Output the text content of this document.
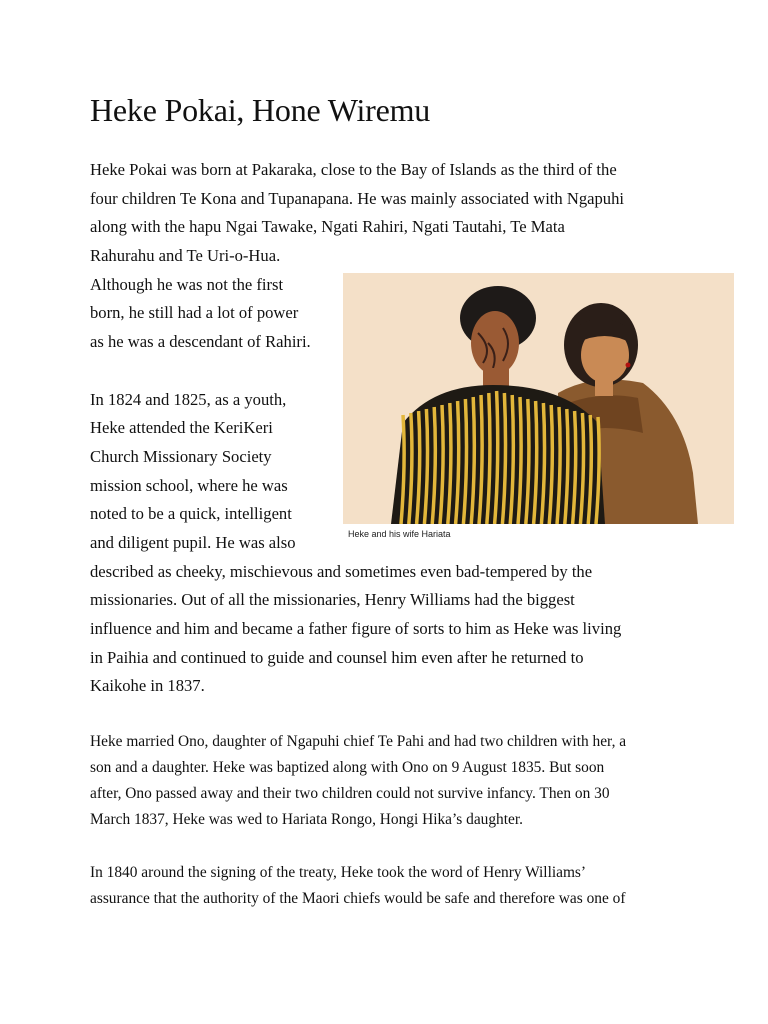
Heke Pokai, Hone Wiremu
Heke Pokai was born at Pakaraka, close to the Bay of Islands as the third of the
four children Te Kona and Tupanapana. He was mainly associated with Ngapuhi
along with the hapu Ngai Tawake, Ngati Rahiri, Ngati Tautahi, Te Mata
Rahurahu and Te Uri-o-Hua.
Although he was not the first
born, he still had a lot of power
as he was a descendant of Rahiri.
In 1824 and 1825, as a youth,
Heke attended the KeriKeri
Church Missionary Society
mission school, where he was
noted to be a quick, intelligent
and diligent pupil. He was also
described as cheeky, mischievous and sometimes even bad-tempered by the
missionaries. Out of all the missionaries, Henry Williams had the biggest
influence and him and became a father figure of sorts to him as Heke was living
in Paihia and continued to guide and counsel him even after he returned to
Kaikohe in 1837.
Heke married Ono, daughter of Ngapuhi chief Te Pahi and had two children with her, a
son and a daughter. Heke was baptized along with Ono on 9 August 1835. But soon
after, Ono passed away and their two children could not survive infancy. Then on 30
March 1837, Heke was wed to Hariata Rongo, Hongi Hika’s daughter.
In 1840 around the signing of the treaty, Heke took the word of Henry Williams’
assurance that the authority of the Maori chiefs would be safe and therefore was one of
Heke and his wife Hariata
